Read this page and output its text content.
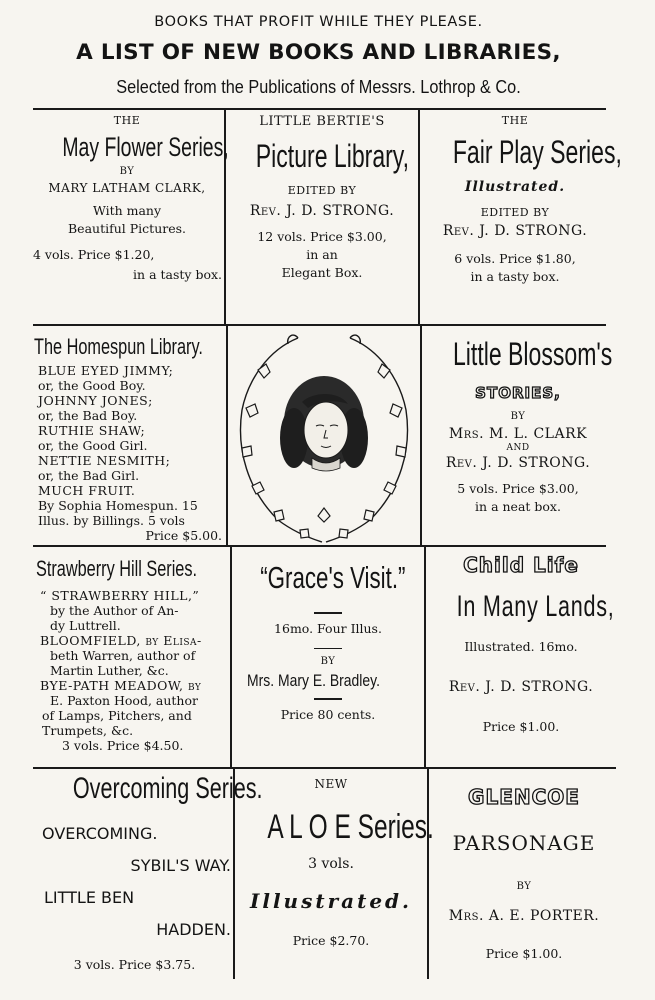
BOOKS THAT PROFIT WHILE THEY PLEASE.
A LIST OF NEW BOOKS AND LIBRARIES,
Selected from the Publications of Messrs. Lothrop & Co.
THE
May Flower Series,
BY
MARY LATHAM CLARK,
With many
Beautiful Pictures.
4 vols. Price $1.20,
in a tasty box.
LITTLE BERTIE'S
Picture Library,
EDITED BY
Rev. J. D. STRONG.
12 vols. Price $3.00,
in an
Elegant Box.
THE
Fair Play Series,
Illustrated.
EDITED BY
Rev. J. D. STRONG.
6 vols. Price $1.80,
in a tasty box.
The Homespun Library.
BLUE EYED JIMMY;
or, the Good Boy.
JOHNNY JONES;
or, the Bad Boy.
RUTHIE SHAW;
or, the Good Girl.
NETTIE NESMITH;
or, the Bad Girl.
MUCH FRUIT.
By Sophia Homespun. 15
Illus. by Billings. 5 vols
Price $5.00.
Little Blossom's
STORIES,
BY
Mrs. M. L. CLARK
AND
Rev. J. D. STRONG.
5 vols. Price $3.00,
in a neat box.
Strawberry Hill Series.
“ STRAWBERRY HILL,”
by the Author of An-
dy Luttrell.
BLOOMFIELD, by Elisa-
beth Warren, author of
Martin Luther, &c.
BYE-PATH MEADOW, by
E. Paxton Hood, author
of Lamps, Pitchers, and
Trumpets, &c.
3 vols. Price $4.50.
“Grace's Visit.”
16mo. Four Illus.
BY
Mrs. Mary E. Bradley.
Price 80 cents.
Child Life
In Many Lands,
Illustrated. 16mo.
Rev. J. D. STRONG.
Price $1.00.
Overcoming Series.
OVERCOMING.
SYBIL'S WAY.
LITTLE BEN
HADDEN.
3 vols. Price $3.75.
NEW
A L O E Series.
3 vols.
Illustrated.
Price $2.70.
GLENCOE
PARSONAGE
BY
Mrs. A. E. PORTER.
Price $1.00.
